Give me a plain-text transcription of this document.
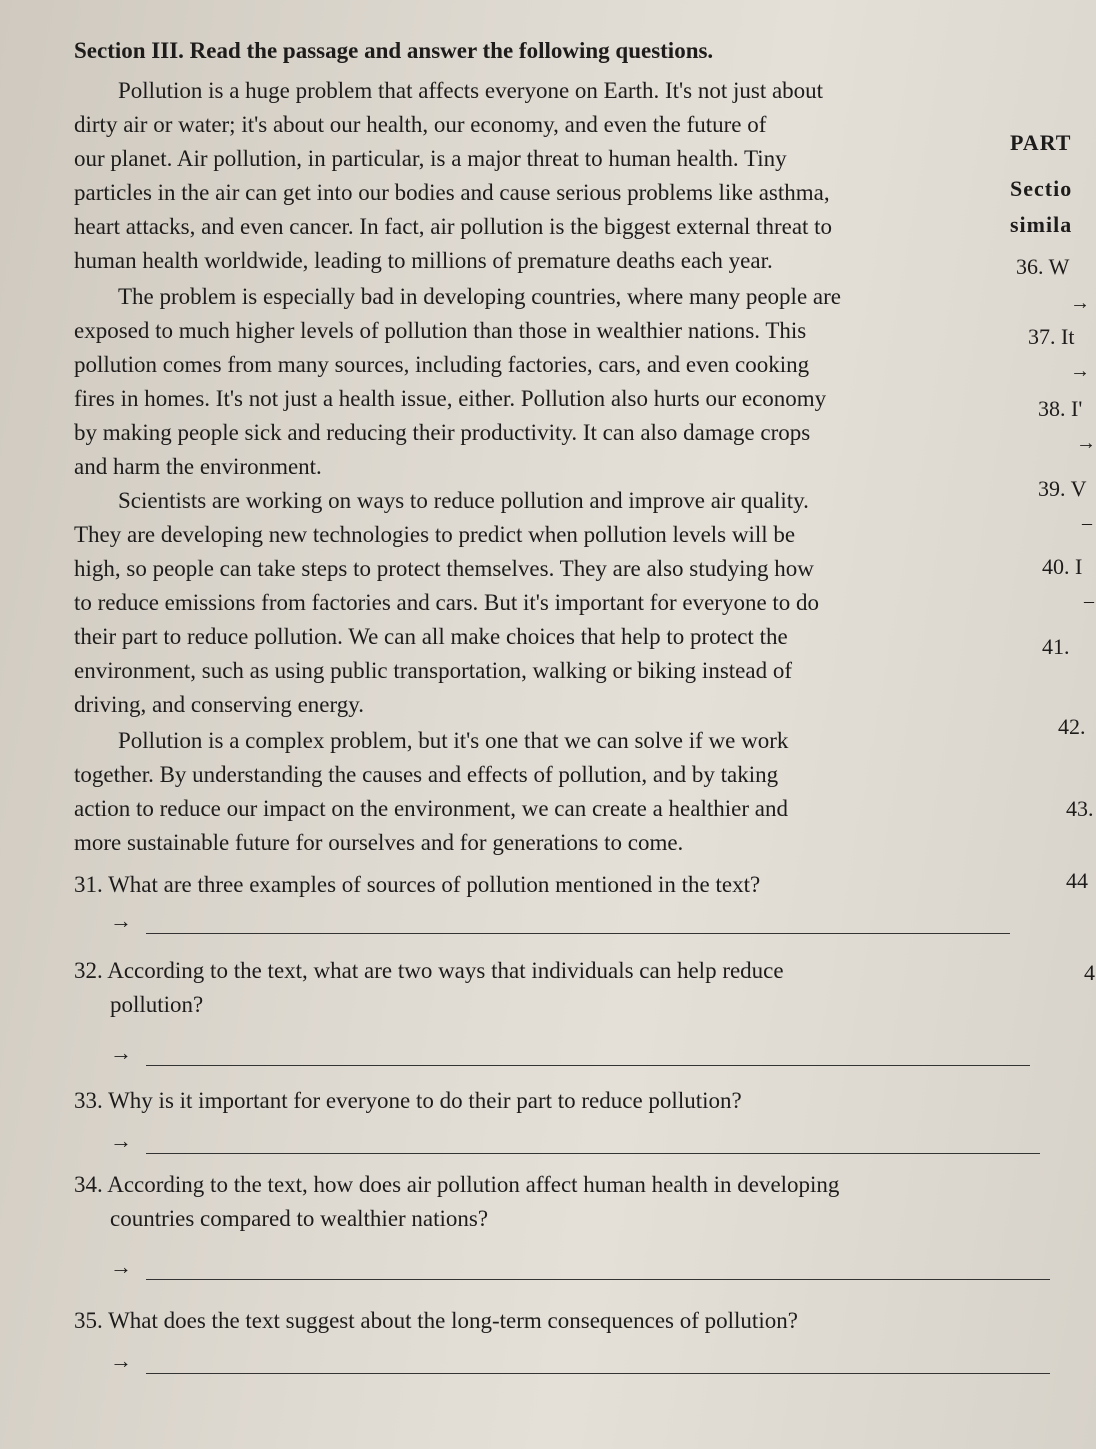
Section III. Read the passage and answer the following questions.
Pollution is a huge problem that affects everyone on Earth. It's not just about
dirty air or water; it's about our health, our economy, and even the future of
our planet. Air pollution, in particular, is a major threat to human health. Tiny
particles in the air can get into our bodies and cause serious problems like asthma,
heart attacks, and even cancer. In fact, air pollution is the biggest external threat to
human health worldwide, leading to millions of premature deaths each year.
The problem is especially bad in developing countries, where many people are
exposed to much higher levels of pollution than those in wealthier nations. This
pollution comes from many sources, including factories, cars, and even cooking
fires in homes. It's not just a health issue, either. Pollution also hurts our economy
by making people sick and reducing their productivity. It can also damage crops
and harm the environment.
Scientists are working on ways to reduce pollution and improve air quality.
They are developing new technologies to predict when pollution levels will be
high, so people can take steps to protect themselves. They are also studying how
to reduce emissions from factories and cars. But it's important for everyone to do
their part to reduce pollution. We can all make choices that help to protect the
environment, such as using public transportation, walking or biking instead of
driving, and conserving energy.
Pollution is a complex problem, but it's one that we can solve if we work
together. By understanding the causes and effects of pollution, and by taking
action to reduce our impact on the environment, we can create a healthier and
more sustainable future for ourselves and for generations to come.
31. What are three examples of sources of pollution mentioned in the text?
→
32. According to the text, what are two ways that individuals can help reduce
pollution?
→
33. Why is it important for everyone to do their part to reduce pollution?
→
34. According to the text, how does air pollution affect human health in developing
countries compared to wealthier nations?
→
35. What does the text suggest about the long-term consequences of pollution?
→
PART
Sectio
simila
36. W
→
37. It
→
38. I'
→
39. V
–
40. I
–
41.
42.
43.
44
4
